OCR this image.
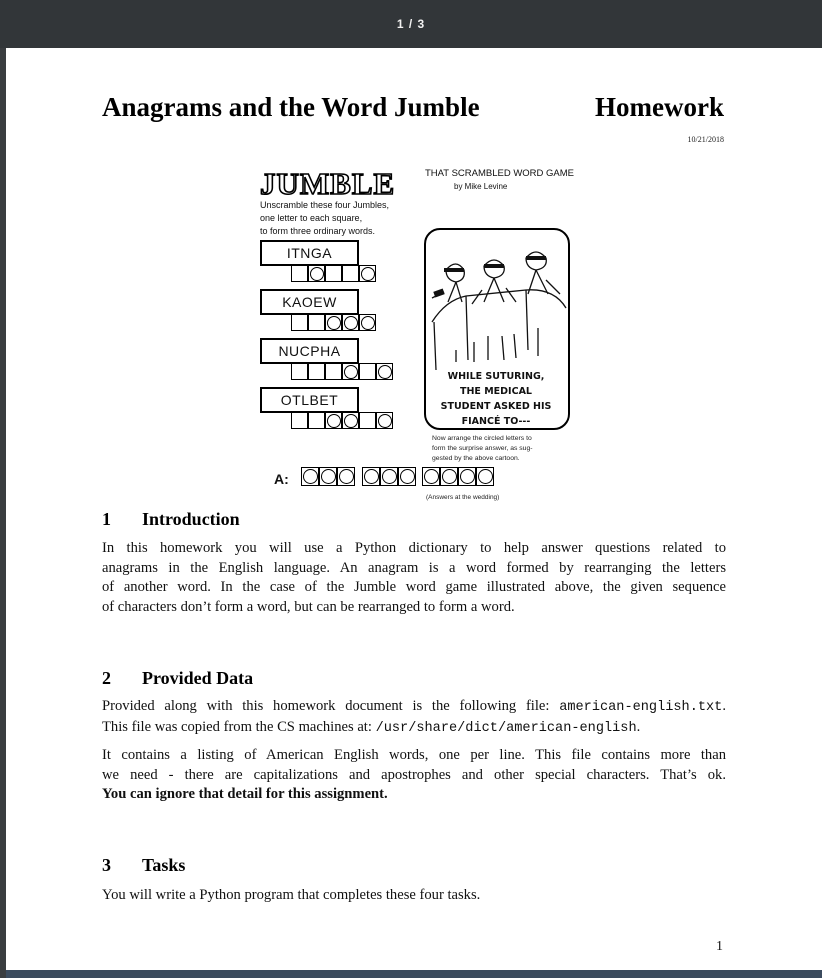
1 / 3
Anagrams and the Word Jumble	Homework
10/21/2018
JUMBLE	THAT SCRAMBLED WORD GAME
by Mike Levine
Unscramble these four Jumbles,
one letter to each square,
to form three ordinary words.
ITNGA
KAOEW
NUCPHA
OTLBET
WHILE SUTURING,
THE MEDICAL
STUDENT ASKED HIS
FIANCÉ TO---
Now arrange the circled letters to
form the surprise answer, as sug-
gested by the above cartoon.
A:
(Answers at the wedding)
1 Introduction
In this homework you will use a Python dictionary to help answer questions related to
anagrams in the English language. An anagram is a word formed by rearranging the letters
of another word. In the case of the Jumble word game illustrated above, the given sequence
of characters don’t form a word, but can be rearranged to form a word.
2 Provided Data
Provided along with this homework document is the following file: american-english.txt.
This file was copied from the CS machines at: /usr/share/dict/american-english.
It contains a listing of American English words, one per line. This file contains more than
we need - there are capitalizations and apostrophes and other special characters. That’s ok.
You can ignore that detail for this assignment.
3 Tasks
You will write a Python program that completes these four tasks.
1
